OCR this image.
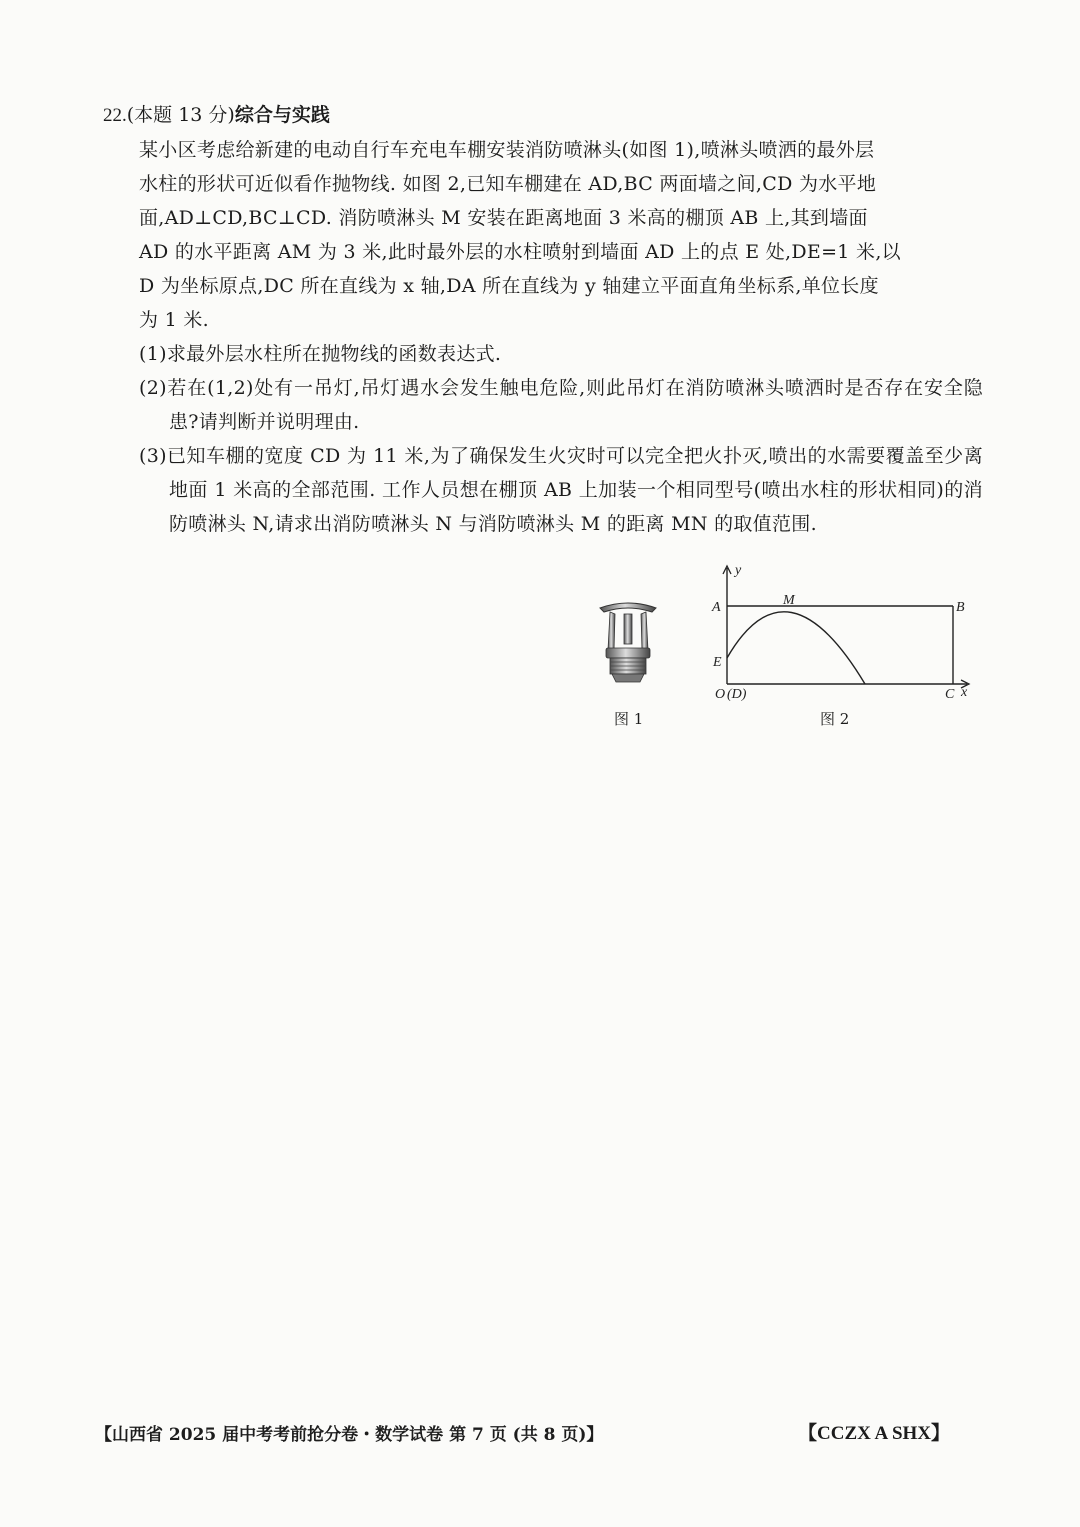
22.(本题 13 分)综合与实践

某小区考虑给新建的电动自行车充电车棚安装消防喷淋头(如图 1),喷淋头喷洒的最外层
水柱的形状可近似看作抛物线. 如图 2,已知车棚建在 AD,BC 两面墙之间,CD 为水平地
面,AD⊥CD,BC⊥CD. 消防喷淋头 M 安装在距离地面 3 米高的棚顶 AB 上,其到墙面
AD 的水平距离 AM 为 3 米,此时最外层的水柱喷射到墙面 AD 上的点 E 处,DE=1 米,以
D 为坐标原点,DC 所在直线为 x 轴,DA 所在直线为 y 轴建立平面直角坐标系,单位长度
为 1 米.

(1)求最外层水柱所在抛物线的函数表达式.

(2)若在(1,2)处有一吊灯,吊灯遇水会发生触电危险,则此吊灯在消防喷淋头喷洒时是否存在安全隐患?请判断并说明理由.

(3)已知车棚的宽度 CD 为 11 米,为了确保发生火灾时可以完全把火扑灭,喷出的水需要覆盖至少离地面 1 米高的全部范围. 工作人员想在棚顶 AB 上加装一个相同型号(喷出水柱的形状相同)的消防喷淋头 N,请求出消防喷淋头 N 与消防喷淋头 M 的距离 MN 的取值范围.

y
A	M	B
E
O (D)	C x
图 1	图 2
【山西省 2025 届中考考前抢分卷・数学试卷 第 7 页 (共 8 页)】	【CCZX A SHX】
